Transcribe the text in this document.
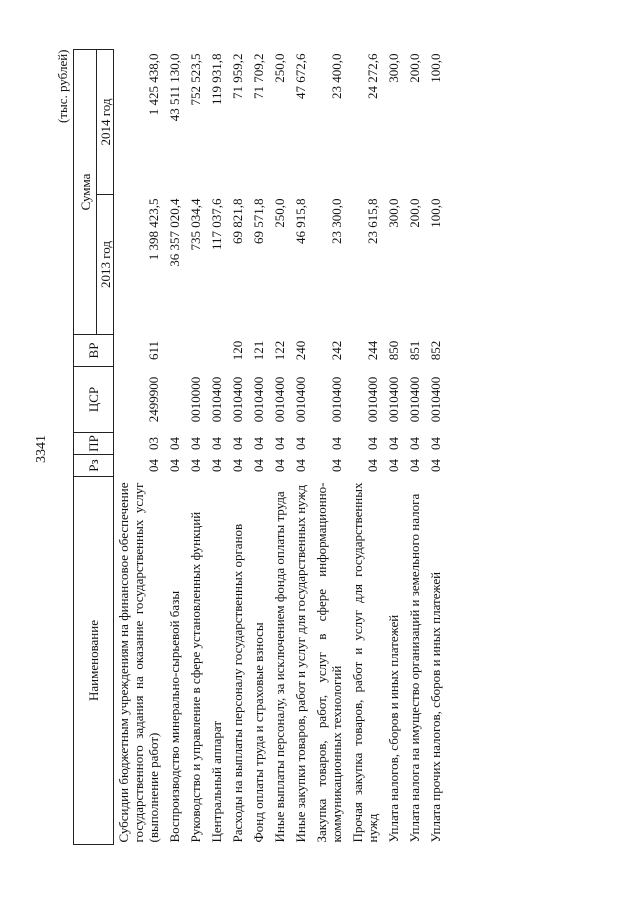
3341
(тыс. рублей)
Наименование	Рз	ПР	ЦСР	ВР	Сумма	
					2013 год	2014 год
Субсидии бюджетным учреждениям на финансовое обеспечение государственного задания на оказание государственных услуг (выполнение работ)	04	03	2499900	611	1 398 423,5	1 425 438,0
Воспроизводство минерально-сырьевой базы	04	04			36 357 020,4	43 511 130,0
Руководство и управление в сфере установленных функций	04	04	0010000		735 034,4	752 523,5
Центральный аппарат	04	04	0010400		117 037,6	119 931,8
Расходы на выплаты персоналу государственных органов	04	04	0010400	120	69 821,8	71 959,2
Фонд оплаты труда и страховые взносы	04	04	0010400	121	69 571,8	71 709,2
Иные выплаты персоналу, за исключением фонда оплаты труда	04	04	0010400	122	250,0	250,0
Иные закупки товаров, работ и услуг для государственных нужд	04	04	0010400	240	46 915,8	47 672,6
Закупка товаров, работ, услуг в сфере информационно-коммуникационных технологий	04	04	0010400	242	23 300,0	23 400,0
Прочая закупка товаров, работ и услуг для государственных нужд	04	04	0010400	244	23 615,8	24 272,6
Уплата налогов, сборов и иных платежей	04	04	0010400	850	300,0	300,0
Уплата налога на имущество организаций и земельного налога	04	04	0010400	851	200,0	200,0
Уплата прочих налогов, сборов и иных платежей	04	04	0010400	852	100,0	100,0
